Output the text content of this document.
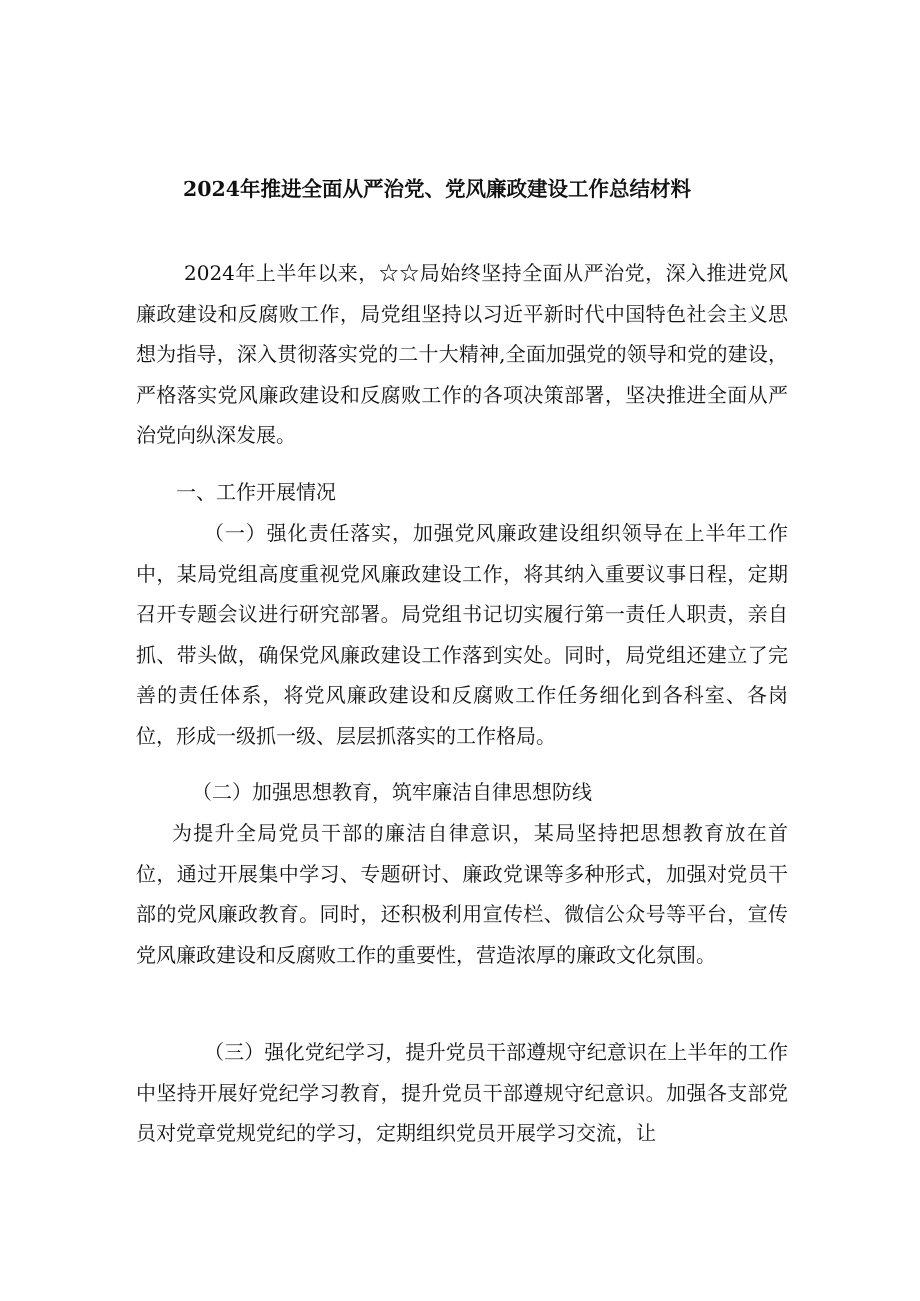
2024年推进全面从严治党、党风廉政建设工作总结材料

2024年上半年以来，☆☆局始终坚持全面从严治党，深入推进党风廉政建设和反腐败工作，局党组坚持以习近平新时代中国特色社会主义思想为指导，深入贯彻落实党的二十大精神,全面加强党的领导和党的建设，严格落实党风廉政建设和反腐败工作的各项决策部署，坚决推进全面从严治党向纵深发展。

一、工作开展情况

（一）强化责任落实，加强党风廉政建设组织领导在上半年工作中，某局党组高度重视党风廉政建设工作，将其纳入重要议事日程，定期召开专题会议进行研究部署。局党组书记切实履行第一责任人职责，亲自抓、带头做，确保党风廉政建设工作落到实处。同时，局党组还建立了完善的责任体系，将党风廉政建设和反腐败工作任务细化到各科室、各岗位，形成一级抓一级、层层抓落实的工作格局。

（二）加强思想教育，筑牢廉洁自律思想防线

为提升全局党员干部的廉洁自律意识，某局坚持把思想教育放在首位，通过开展集中学习、专题研讨、廉政党课等多种形式，加强对党员干部的党风廉政教育。同时，还积极利用宣传栏、微信公众号等平台，宣传党风廉政建设和反腐败工作的重要性，营造浓厚的廉政文化氛围。

（三）强化党纪学习，提升党员干部遵规守纪意识在上半年的工作中坚持开展好党纪学习教育，提升党员干部遵规守纪意识。加强各支部党员对党章党规党纪的学习，定期组织党员开展学习交流，让
